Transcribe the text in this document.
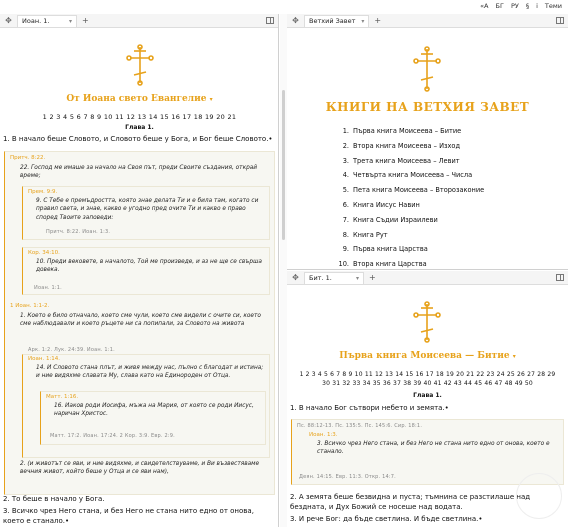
«A БГ РУ § i Теми
✥ Иоан. 1.	▾ +
От Иоана свето Евангелие ▾
1 2 3 4 5 6 7 8 9 10 11 12 13 14 15 16 17 18 19 20 21
Глава 1.
1. В начало беше Словото, и Словото беше у Бога, и Бог беше Словото.•
Притч. 8:22.
22. Господ ме имаше за начало на Своя път, преди Своите създания, открай време;
Прем. 9:9.
9. С Тебе е премъдростта, която знае делата Ти и е била там, когато си правил света, и знае, какво е угодно пред очите Ти и какво е право според Твоите заповеди:
Притч. 8:22. Иоан. 1:3.
Кор. 34:10.
10. Преди вековете, в началото, Той ме произведе, и аз не ще се свърша довека.
Иоан. 1:1.
1 Иоан. 1:1-2.
1. Което е било отначало, което сме чули, което сме видели с очите си, което сме наблюдавали и което ръцете ни са попипали, за Словото на живота
Арк. 1:2. Лук. 24:39. Иоан. 1:1.
Иоан. 1:14.
14. И Словото стана плът, и живя между нас, пълно с благодат и истина; и ние видяхме славата Му, слава като на Единороден от Отца.
Матт. 1:16.
16. Иаков роди Иосифа, мъжа на Мария, от която се роди Иисус, наричан Христос.
Матт. 17:2. Иоан. 17:24. 2 Кор. 3:9. Евр. 2:9.
2. (и животът се яви, и ние видяхме, и свидетелствуваме, и Ви възвестяваме вечния живот, който беше у Отца и се яви нам),
2. То беше в начало у Бога.
3. Всичко чрез Него стана, и без Него не стана нито едно от онова, което е станало.•
✥ Ветхий Завет ▾ +
КНИГИ НА ВЕТХИЯ ЗАВЕТ
1. Първа книга Моисеева – Битие
2. Втора книга Моисеева – Изход
3. Трета книга Моисеева – Левит
4. Четвърта книга Моисеева – Числа
5. Пета книга Моисеева – Второзаконие
6. Книга Иисус Навин
7. Книга Съдии Израилеви
8. Книга Рут
9. Първа книга Царства
10. Втора книга Царства
✥ Бит. 1.	▾ +
Първа книга Моисеева — Битие ▾
1 2 3 4 5 6 7 8 9 10 11 12 13 14 15 16 17 18 19 20 21 22 23 24 25 26 27 28 29
30 31 32 33 34 35 36 37 38 39 40 41 42 43 44 45 46 47 48 49 50
Глава 1.
1. В начало Бог сътвори небето и земята.•
Пс. 88:12-13. Пс. 135:5. Пс. 145:6. Сир. 18:1.
Иоан. 1:3.
3. Всичко чрез Него стана, и без Него не стана нито едно от онова, което е станало.
Деян. 14:15. Евр. 11:3. Откр. 14:7.
2. А земята беше безвидна и пуста; тъмнина се разстилаше над бездната, и Дух Божий се носеше над водата.
3. И рече Бог: да бъде светлина. И бъде светлина.•
